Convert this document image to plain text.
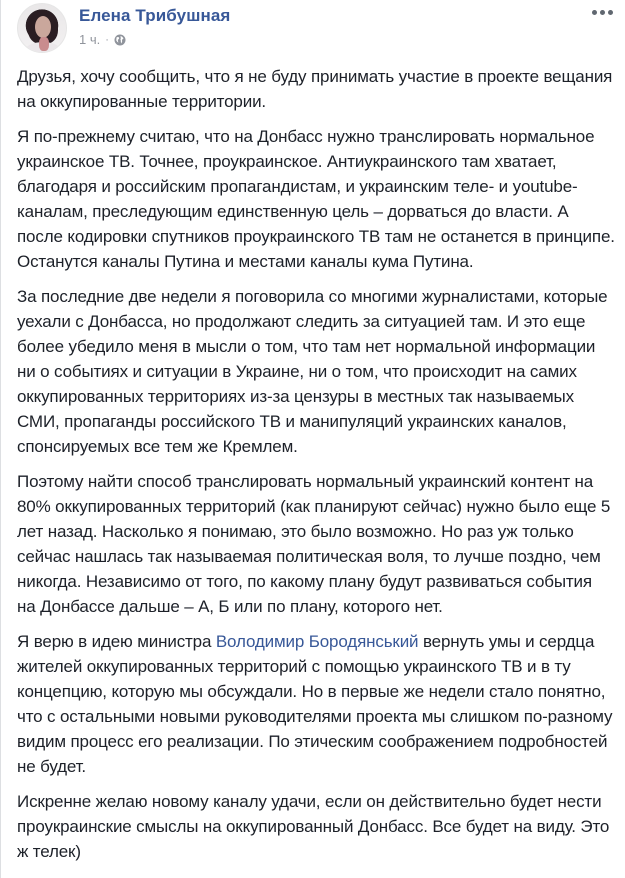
Елена Трибушная
1 ч. ·

Друзья, хочу сообщить, что я не буду принимать участие в проекте вещания на оккупированные территории.

Я по-прежнему считаю, что на Донбасс нужно транслировать нормальное украинское ТВ. Точнее, проукраинское. Антиукраинского там хватает, благодаря и российским пропагандистам, и украинским теле- и youtube-каналам, преследующим единственную цель – дорваться до власти. А после кодировки спутников проукраинского ТВ там не останется в принципе. Останутся каналы Путина и местами каналы кума Путина.

За последние две недели я поговорила со многими журналистами, которые уехали с Донбасса, но продолжают следить за ситуацией там. И это еще более убедило меня в мысли о том, что там нет нормальной информации ни о событиях и ситуации в Украине, ни о том, что происходит на самих оккупированных территориях из-за цензуры в местных так называемых СМИ, пропаганды российского ТВ и манипуляций украинских каналов, спонсируемых все тем же Кремлем.

Поэтому найти способ транслировать нормальный украинский контент на 80% оккупированных территорий (как планируют сейчас) нужно было еще 5 лет назад. Насколько я понимаю, это было возможно. Но раз уж только сейчас нашлась так называемая политическая воля, то лучше поздно, чем никогда. Независимо от того, по какому плану будут развиваться события на Донбассе дальше – А, Б или по плану, которого нет.

Я верю в идею министра Володимир Бородянський вернуть умы и сердца жителей оккупированных территорий с помощью украинского ТВ и в ту концепцию, которую мы обсуждали. Но в первые же недели стало понятно, что с остальными новыми руководителями проекта мы слишком по-разному видим процесс его реализации. По этическим соображением подробностей не будет.

Искренне желаю новому каналу удачи, если он действительно будет нести проукраинские смыслы на оккупированный Донбасс. Все будет на виду. Это ж телек)
